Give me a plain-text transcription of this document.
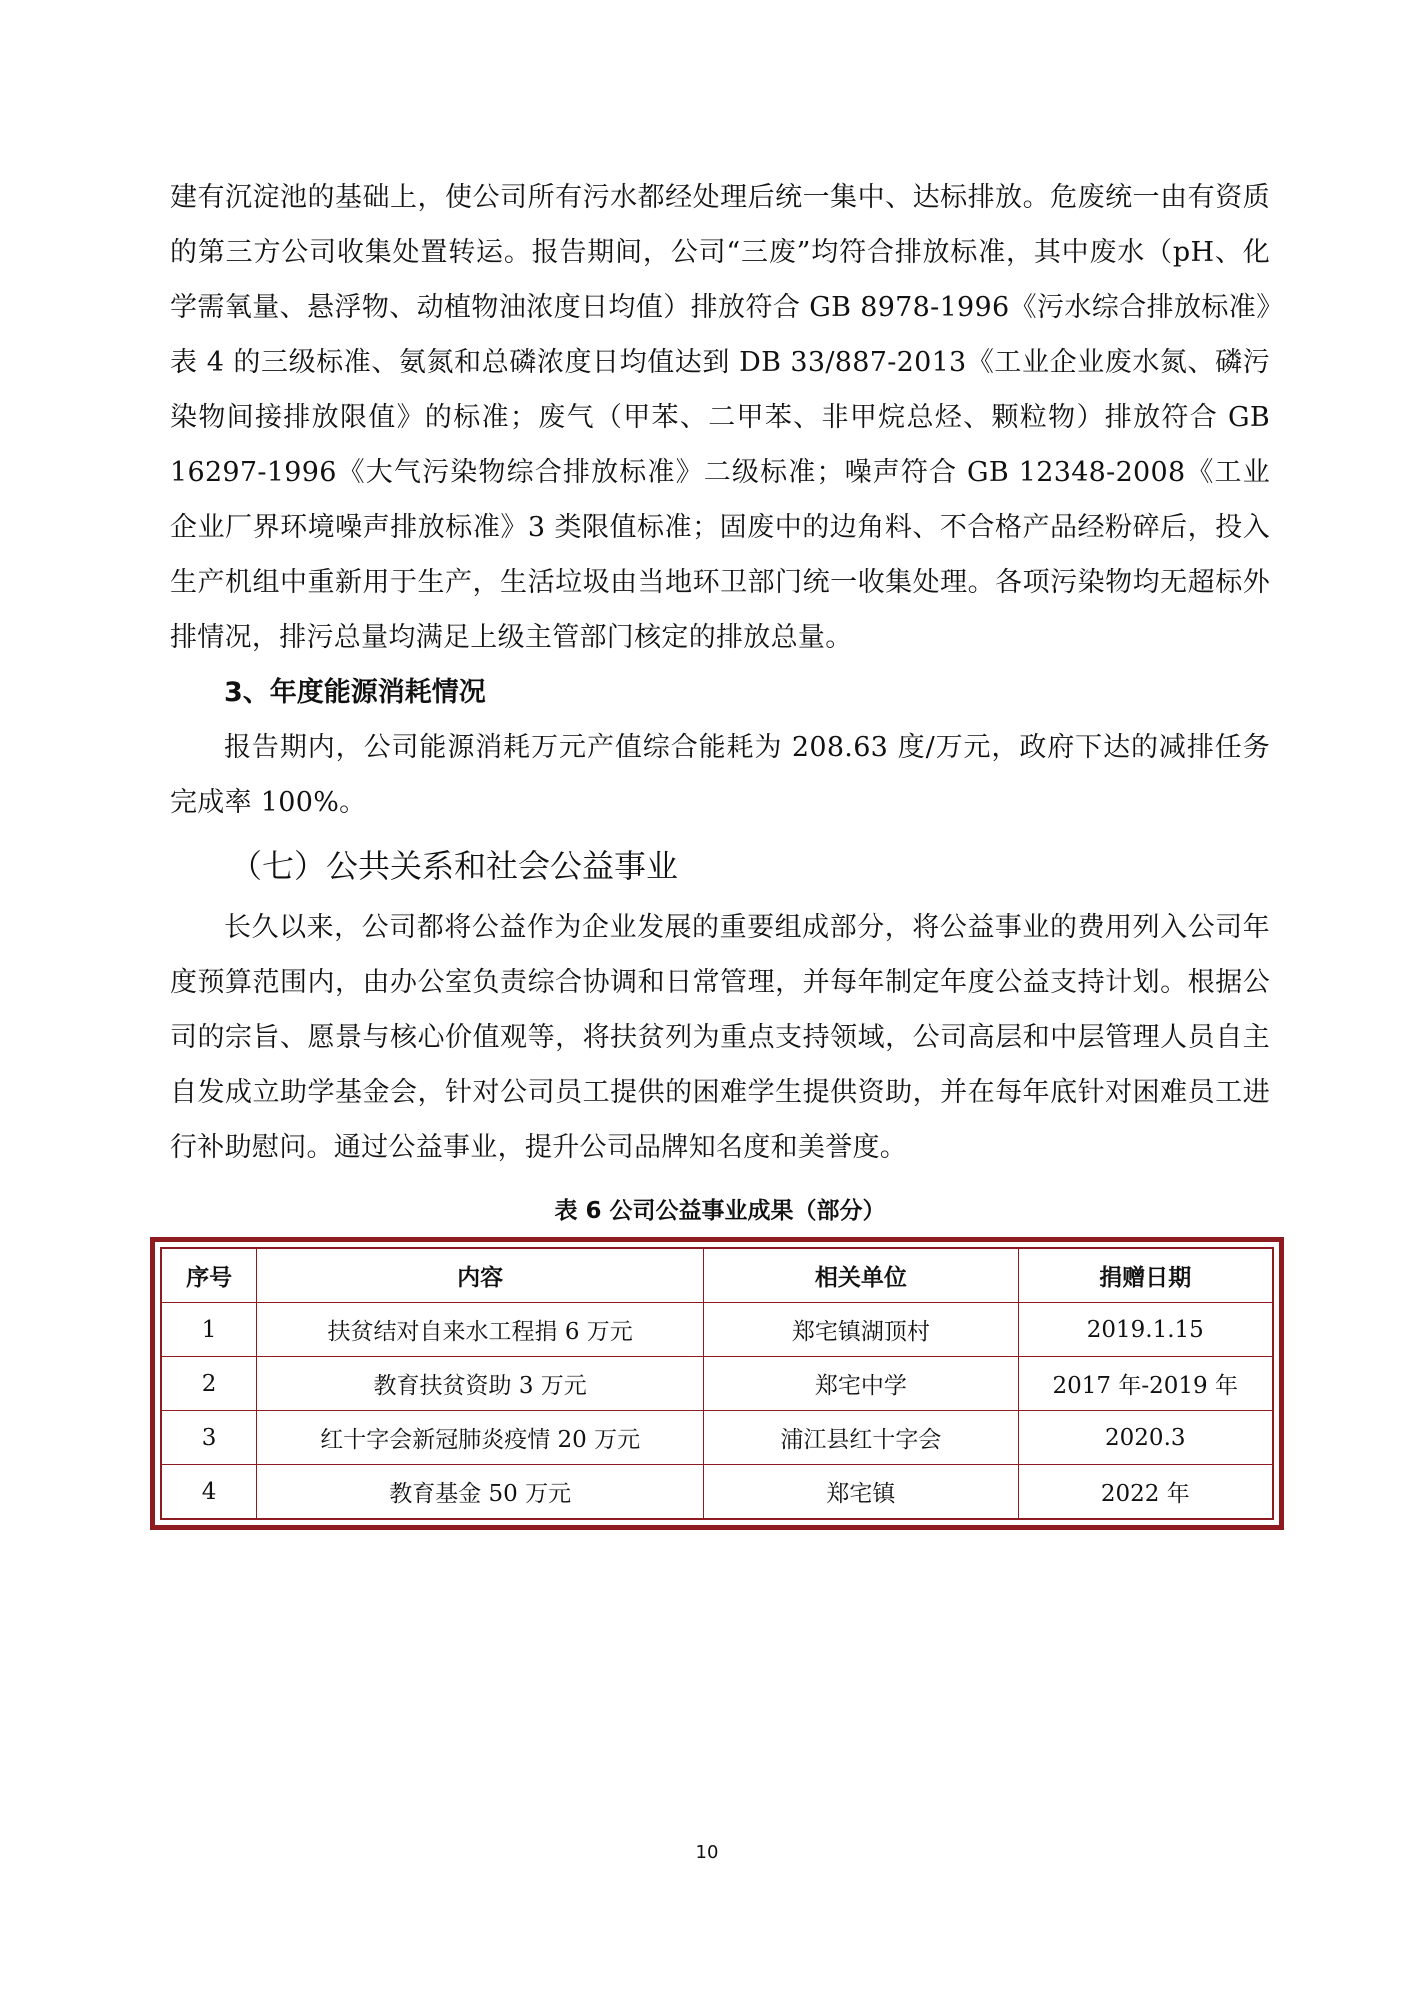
建有沉淀池的基础上，使公司所有污水都经处理后统一集中、达标排放。危废统一由有资质的第三方公司收集处置转运。报告期间，公司“三废”均符合排放标准，其中废水（pH、化学需氧量、悬浮物、动植物油浓度日均值）排放符合 GB 8978-1996《污水综合排放标准》表 4 的三级标准、氨氮和总磷浓度日均值达到 DB 33/887-2013《工业企业废水氮、磷污染物间接排放限值》的标准；废气（甲苯、二甲苯、非甲烷总烃、颗粒物）排放符合 GB 16297-1996《大气污染物综合排放标准》二级标准；噪声符合 GB 12348-2008《工业企业厂界环境噪声排放标准》3 类限值标准；固废中的边角料、不合格产品经粉碎后，投入生产机组中重新用于生产，生活垃圾由当地环卫部门统一收集处理。各项污染物均无超标外排情况，排污总量均满足上级主管部门核定的排放总量。

3、年度能源消耗情况

报告期内，公司能源消耗万元产值综合能耗为 208.63 度/万元，政府下达的减排任务完成率 100%。

（七）公共关系和社会公益事业

长久以来，公司都将公益作为企业发展的重要组成部分，将公益事业的费用列入公司年度预算范围内，由办公室负责综合协调和日常管理，并每年制定年度公益支持计划。根据公司的宗旨、愿景与核心价值观等，将扶贫列为重点支持领域，公司高层和中层管理人员自主自发成立助学基金会，针对公司员工提供的困难学生提供资助，并在每年底针对困难员工进行补助慰问。通过公益事业，提升公司品牌知名度和美誉度。

表 6 公司公益事业成果（部分）

序号	内容	相关单位	捐赠日期
1	扶贫结对自来水工程捐 6 万元	郑宅镇湖顶村	2019.1.15
2	教育扶贫资助 3 万元	郑宅中学	2017 年-2019 年
3	红十字会新冠肺炎疫情 20 万元	浦江县红十字会	2020.3
4	教育基金 50 万元	郑宅镇	2022 年
10
